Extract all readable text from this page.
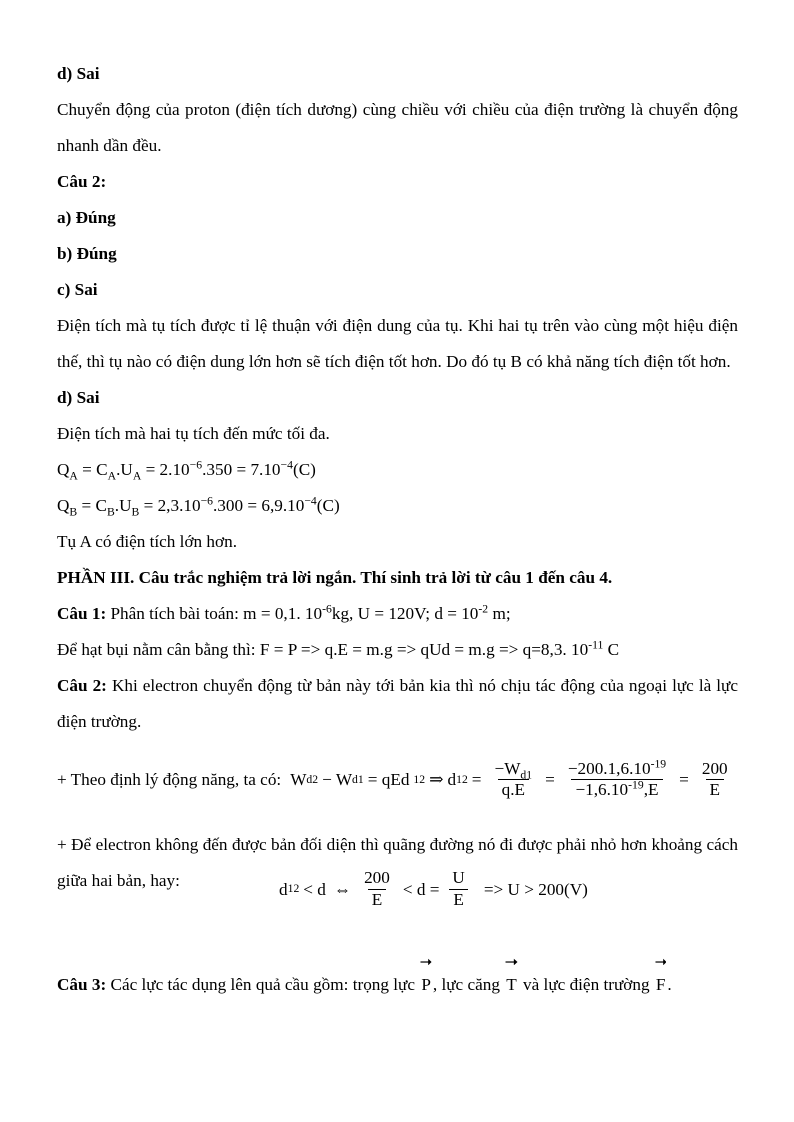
d) Sai

Chuyển động của proton (điện tích dương) cùng chiều với chiều của điện trường là chuyển động nhanh dần đều.

Câu 2:

a) Đúng

b) Đúng

c) Sai

Điện tích mà tụ tích được tỉ lệ thuận với điện dung của tụ. Khi hai tụ trên vào cùng một hiệu điện thế, thì tụ nào có điện dung lớn hơn sẽ tích điện tốt hơn. Do đó tụ B có khả năng tích điện tốt hơn.

d) Sai

Điện tích mà hai tụ tích đến mức tối đa.

$Q_A = C_A.U_A = 2.10^{-6}.350 = 7.10^{-4}(C)$

$Q_B = C_B.U_B = 2,3.10^{-6}.300 = 6,9.10^{-4}(C)$

Tụ A có điện tích lớn hơn.

PHẦN III. Câu trắc nghiệm trả lời ngắn. Thí sinh trả lời từ câu 1 đến câu 4.

Câu 1: Phân tích bài toán: m = 0,1. $10^{-6}kg$, U = 120V; $d = 10^{-2}$ m;

Để hạt bụi nằm cân bằng thì: F = P => q.E = m.g => qUd = m.g => q=8,3. $10^{-11}$ C

Câu 2: Khi electron chuyển động từ bản này tới bản kia thì nó chịu tác động của ngoại lực là lực điện trường.

+ Theo định lý động năng, ta có: W d2 − W d1 = qEd 12 ⇒ d $12 = \frac{-W_{d1}}{q.E} = \frac{-200.1,6.10^{-19}}{-1,6.10^{-19},E} = \frac{200}{E}$

+ Để electron không đến được bản đối diện thì quãng đường nó đi được phải nhỏ hơn khoảng cách giữa hai bản, hay:	d 12 < d ⇔ $\frac{200}{E} < d = \frac{U}{E} => U > 200(V)$

Câu 3: Các lực tác dụng lên quả cầu gồm: trọng lực
P , lực căng
T và lực điện trường
F .
